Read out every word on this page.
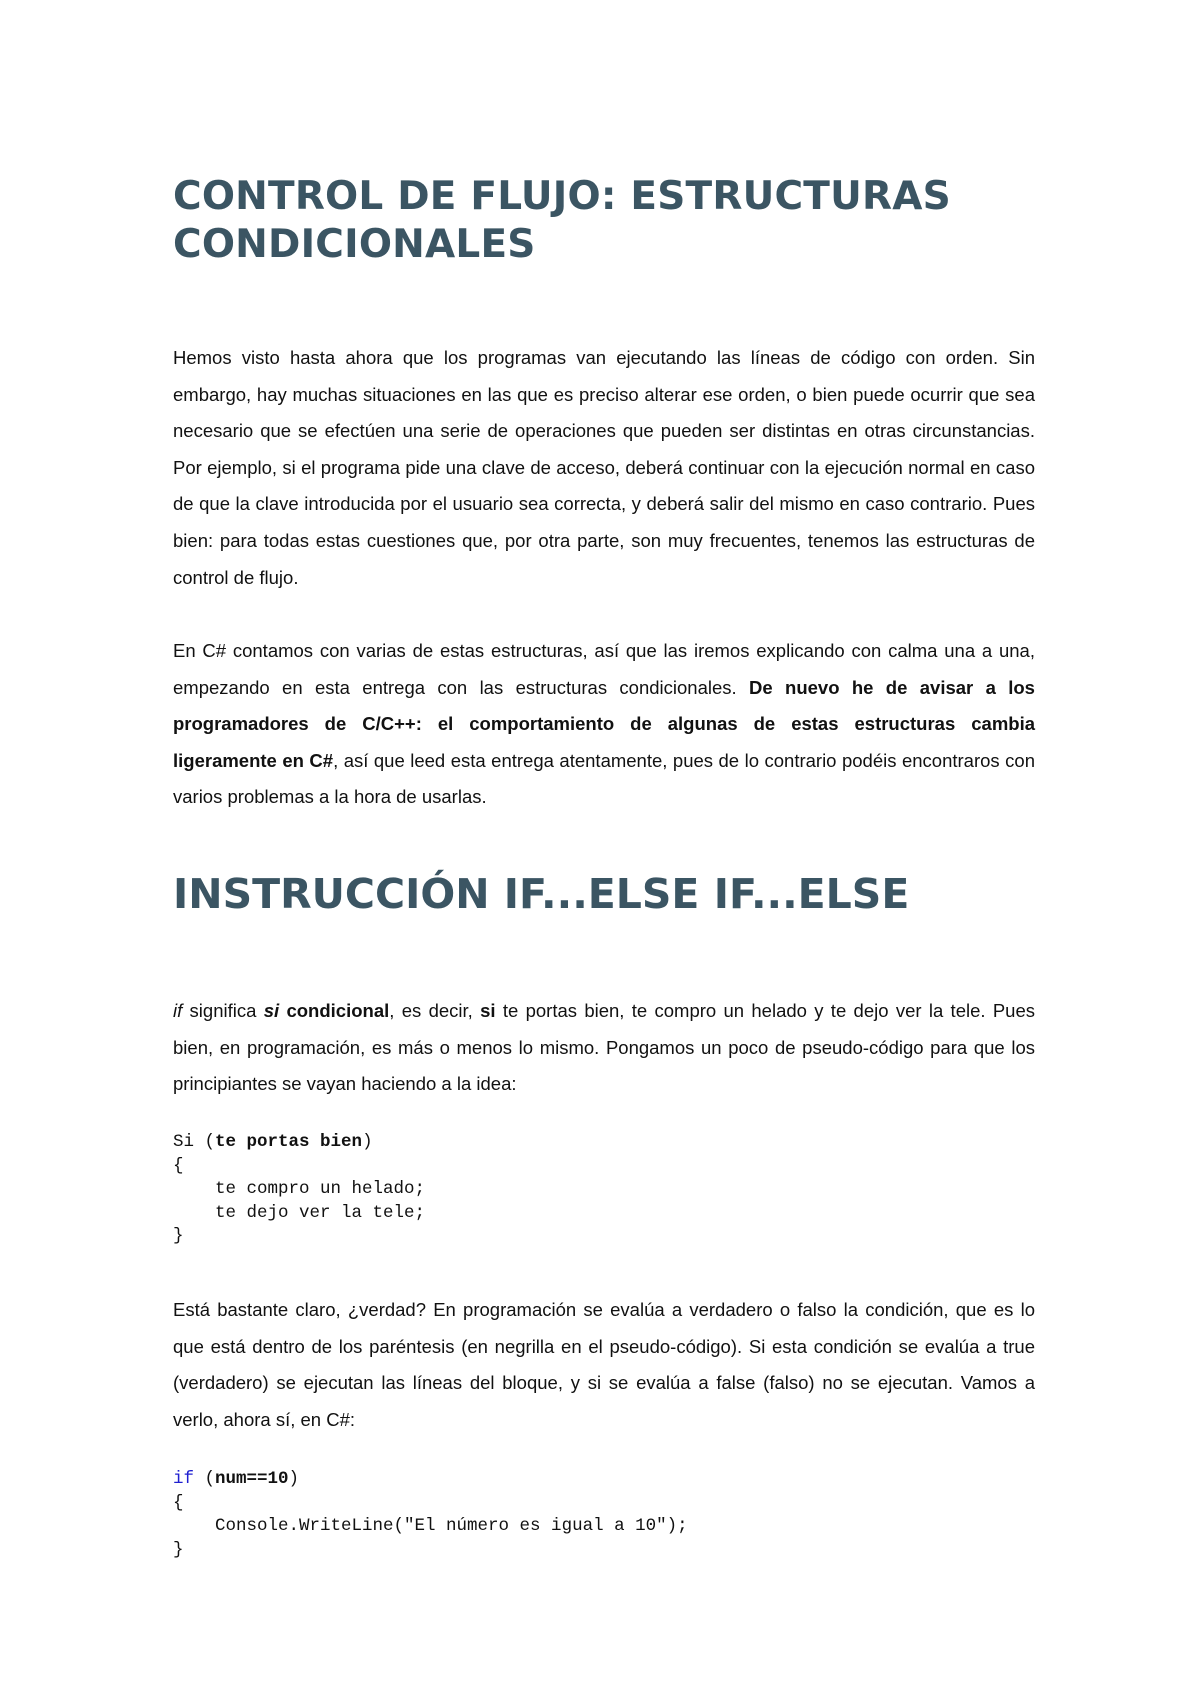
CONTROL DE FLUJO: ESTRUCTURAS CONDICIONALES

Hemos visto hasta ahora que los programas van ejecutando las líneas de código con orden. Sin embargo, hay muchas situaciones en las que es preciso alterar ese orden, o bien puede ocurrir que sea necesario que se efectúen una serie de operaciones que pueden ser distintas en otras circunstancias. Por ejemplo, si el programa pide una clave de acceso, deberá continuar con la ejecución normal en caso de que la clave introducida por el usuario sea correcta, y deberá salir del mismo en caso contrario. Pues bien: para todas estas cuestiones que, por otra parte, son muy frecuentes, tenemos las estructuras de control de flujo.

En C# contamos con varias de estas estructuras, así que las iremos explicando con calma una a una, empezando en esta entrega con las estructuras condicionales. De nuevo he de avisar a los programadores de C/C++: el comportamiento de algunas de estas estructuras cambia ligeramente en C#, así que leed esta entrega atentamente, pues de lo contrario podéis encontraros con varios problemas a la hora de usarlas.

INSTRUCCIÓN IF...ELSE IF...ELSE

if significa si condicional, es decir, si te portas bien, te compro un helado y te dejo ver la tele. Pues bien, en programación, es más o menos lo mismo. Pongamos un poco de pseudo-código para que los principiantes se vayan haciendo a la idea:

Si (te portas bien)
{
te compro un helado;
te dejo ver la tele;
}

Está bastante claro, ¿verdad? En programación se evalúa a verdadero o falso la condición, que es lo que está dentro de los paréntesis (en negrilla en el pseudo-código). Si esta condición se evalúa a true (verdadero) se ejecutan las líneas del bloque, y si se evalúa a false (falso) no se ejecutan. Vamos a verlo, ahora sí, en C#:

if (num==10)
{
Console.WriteLine("El número es igual a 10");
}
